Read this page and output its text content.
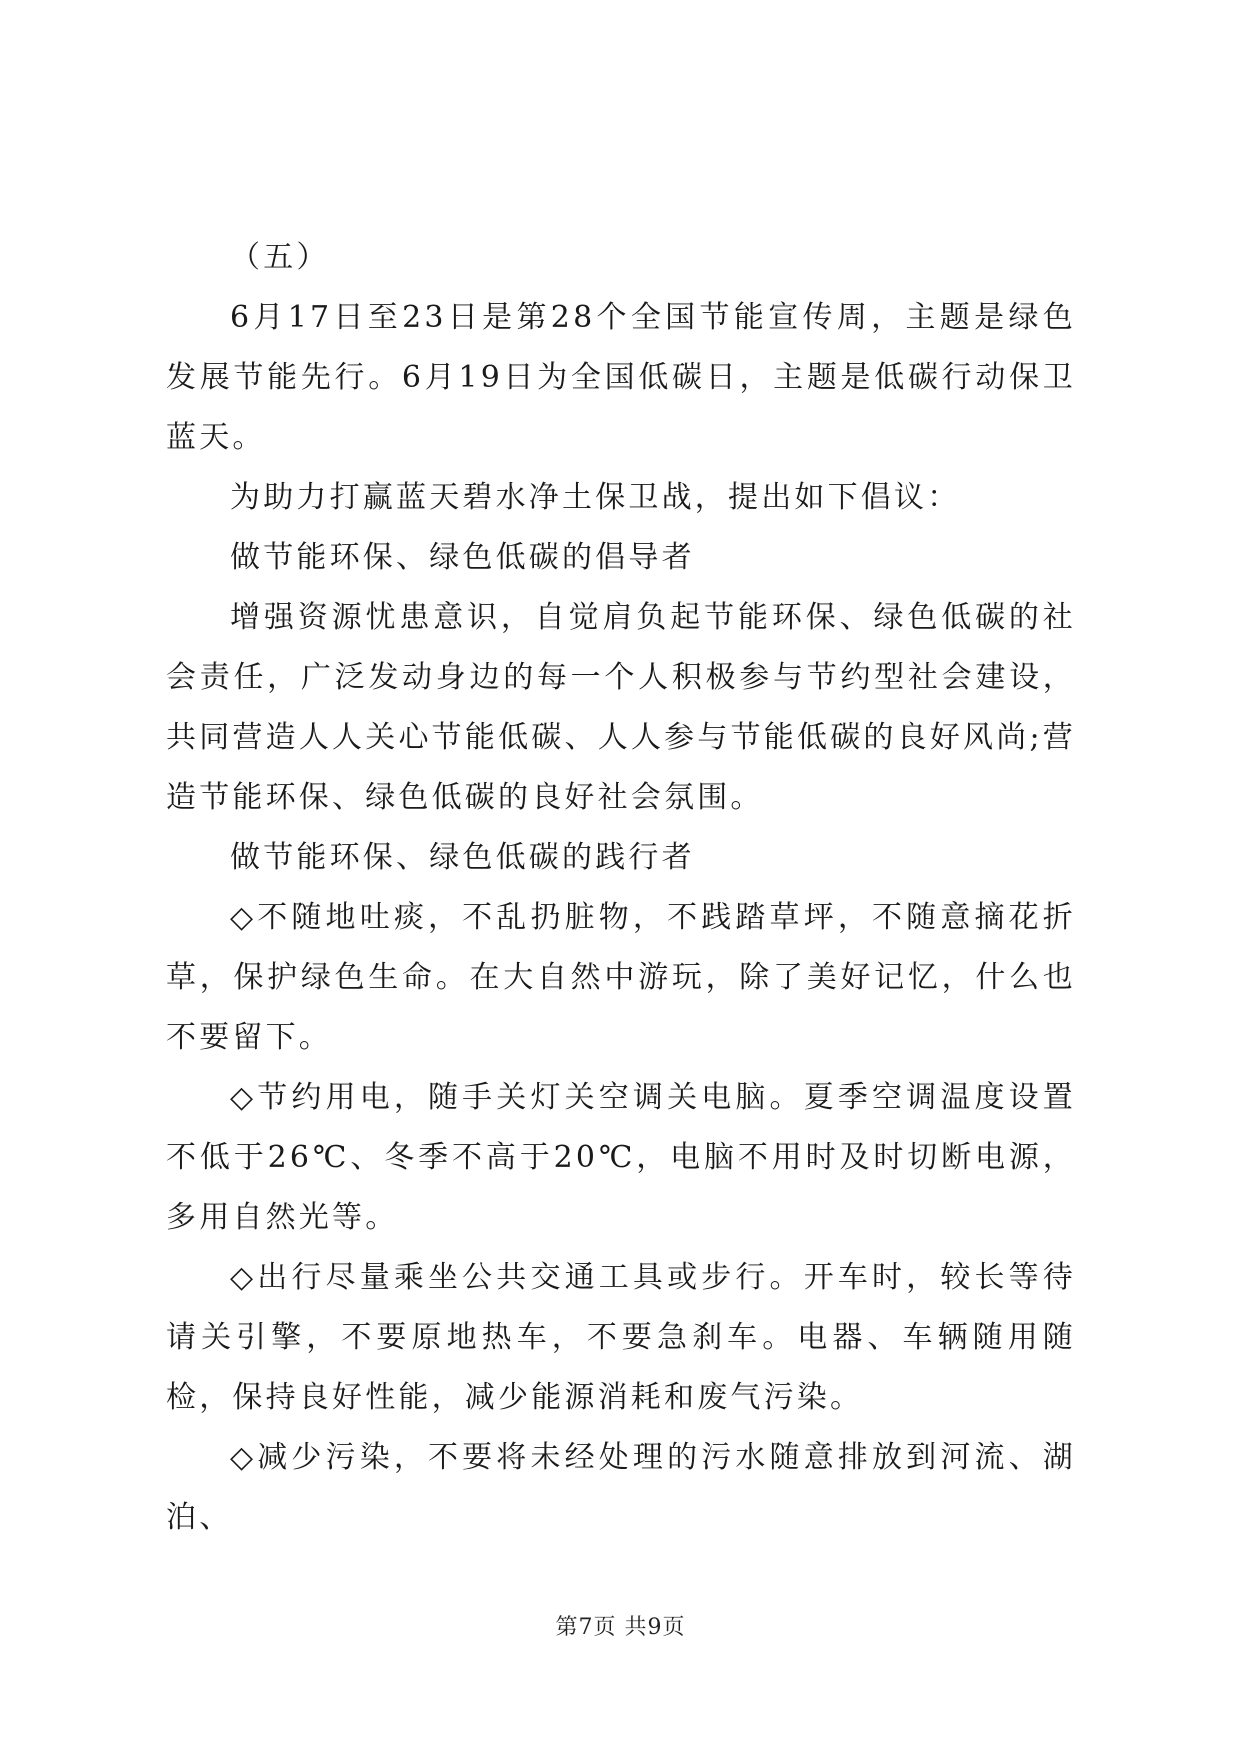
（五）

6月17日至23日是第28个全国节能宣传周，主题是绿色发展节能先行。6月19日为全国低碳日，主题是低碳行动保卫蓝天。

为助力打赢蓝天碧水净土保卫战，提出如下倡议：

做节能环保、绿色低碳的倡导者

增强资源忧患意识，自觉肩负起节能环保、绿色低碳的社会责任，广泛发动身边的每一个人积极参与节约型社会建设，共同营造人人关心节能低碳、人人参与节能低碳的良好风尚;营造节能环保、绿色低碳的良好社会氛围。

做节能环保、绿色低碳的践行者

◇不随地吐痰，不乱扔脏物，不践踏草坪，不随意摘花折草，保护绿色生命。在大自然中游玩，除了美好记忆，什么也不要留下。

◇节约用电，随手关灯关空调关电脑。夏季空调温度设置不低于26℃、冬季不高于20℃，电脑不用时及时切断电源，多用自然光等。

◇出行尽量乘坐公共交通工具或步行。开车时，较长等待请关引擎，不要原地热车，不要急刹车。电器、车辆随用随检，保持良好性能，减少能源消耗和废气污染。

◇减少污染，不要将未经处理的污水随意排放到河流、湖泊、

第7页 共9页
